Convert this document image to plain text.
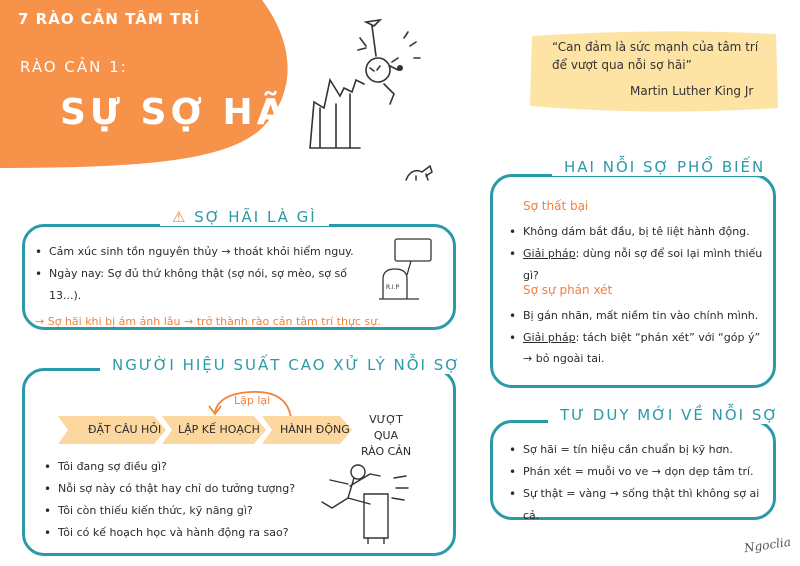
7 RÀO CẢN TÂM TRÍ
RÀO CẢN 1:
SỰ SỢ HÃI
“Can đảm là sức mạnh của tâm trí để vượt qua nỗi sợ hãi”
Martin Luther King Jr
• Cảm xúc sinh tồn nguyên thủy → thoát khỏi hiểm nguy.
• Ngày nay: Sợ đủ thứ không thật (sợ nói, sợ mèo, sợ số 13...).
→ Sợ hãi khi bị ám ảnh lâu → trở thành rào cản tâm trí thực sự.
R.I.P
⚠ SỢ HÃI LÀ GÌ
NGƯỜI HIỆU SUẤT CAO XỬ LÝ NỖI SỢ
Lặp lại
ĐẶT CÂU HỎI LẬP KẾ HOẠCH HÀNH ĐỘNG
VƯỢT QUA
RÀO CẢN
• Tôi đang sợ điều gì?
• Nỗi sợ này có thật hay chỉ do tưởng tượng?
• Tôi còn thiếu kiến thức, kỹ năng gì?
• Tôi có kế hoạch học và hành động ra sao?
Sợ thất bại
• Không dám bắt đầu, bị tê liệt hành động.
• Giải pháp: dùng nỗi sợ để soi lại mình thiếu gì?
Sợ sự phán xét
• Bị gán nhãn, mất niềm tin vào chính mình.
• Giải pháp: tách biệt “phán xét” với “góp ý”
→ bỏ ngoài tai.
HAI NỖI SỢ PHỔ BIẾN
• Sợ hãi = tín hiệu cần chuẩn bị kỹ hơn.
• Phán xét = muỗi vo ve → dọn dẹp tâm trí.
• Sự thật = vàng → sống thật thì không sợ ai cả.
TƯ DUY MỚI VỀ NỖI SỢ
Ngoclia
